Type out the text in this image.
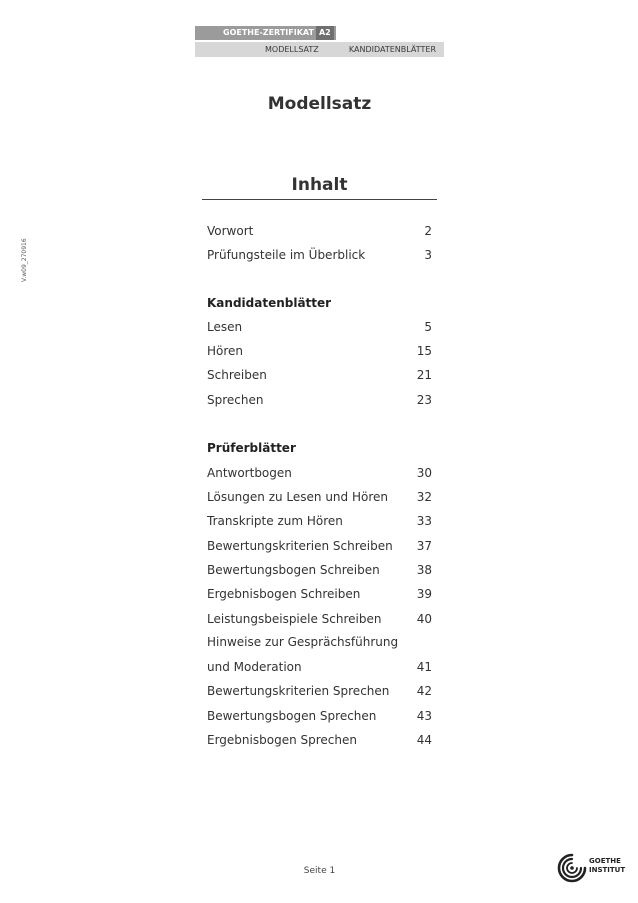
GOETHE-ZERTIFIKAT A2
MODELLSATZ	KANDIDATENBLÄTTER
V.w09_270916
Modellsatz
Inhalt
Vorwort	2
Prüfungsteile im Überblick	3
Kandidatenblätter
Lesen	5
Hören	15
Schreiben	21
Sprechen	23
Prüferblätter
Antwortbogen	30
Lösungen zu Lesen und Hören 32
Transkripte zum Hören	33
Bewertungskriterien Schreiben 37
Bewertungsbogen Schreiben	38
Ergebnisbogen Schreiben	39
Leistungsbeispiele Schreiben	40
Hinweise zur Gesprächsführung
und Moderation	41
Bewertungskriterien Sprechen 42
Bewertungsbogen Sprechen	43
Ergebnisbogen Sprechen	44
Seite 1
GOETHE
INSTITUT
